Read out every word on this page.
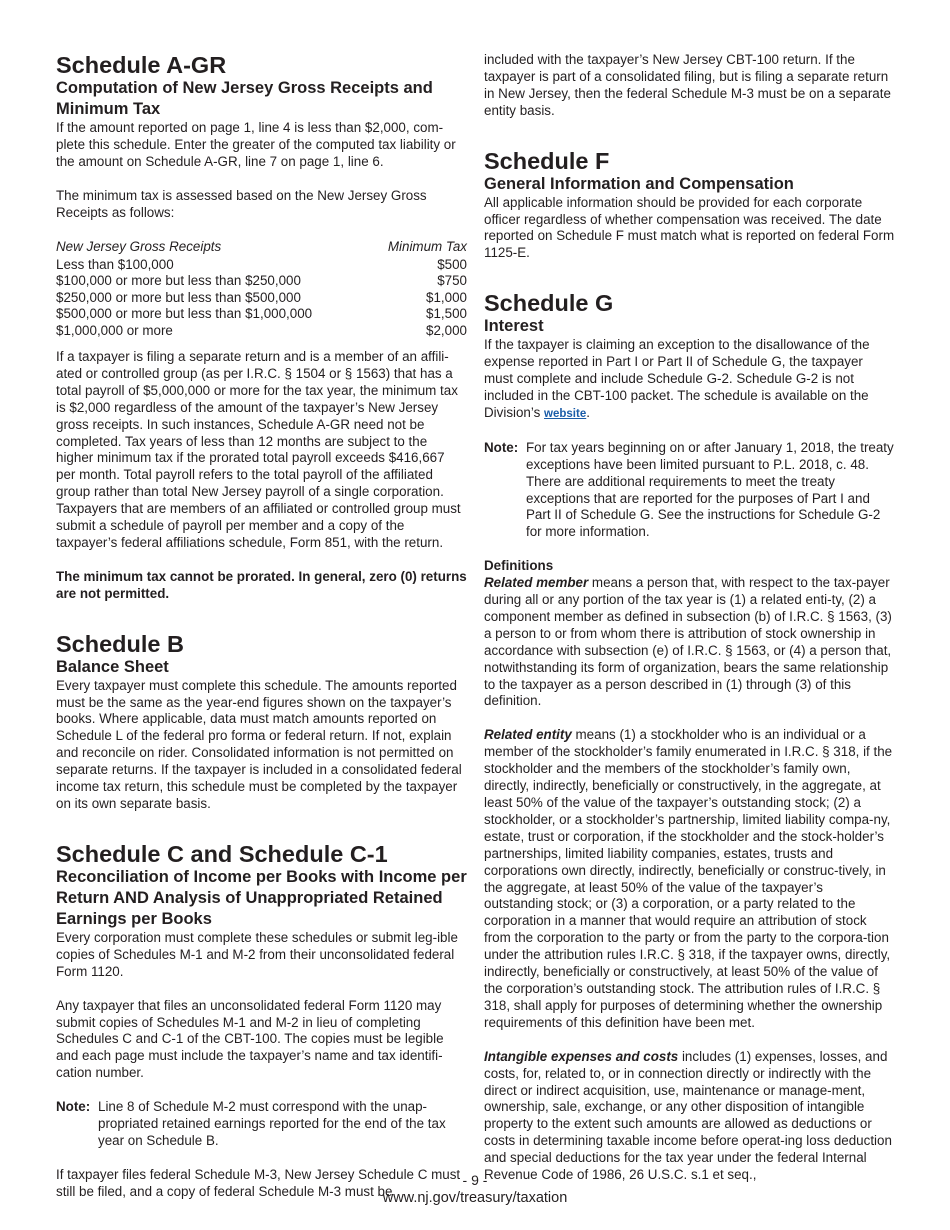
Schedule A-GR
Computation of New Jersey Gross Receipts and Minimum Tax

If the amount reported on page 1, line 4 is less than $2,000, com-plete this schedule. Enter the greater of the computed tax liability or the amount on Schedule A-GR, line 7 on page 1, line 6.

The minimum tax is assessed based on the New Jersey Gross Receipts as follows:

New Jersey Gross Receipts	Minimum Tax
Less than $100,000	$500
$100,000 or more but less than $250,000	$750
$250,000 or more but less than $500,000	$1,000
$500,000 or more but less than $1,000,000	$1,500
$1,000,000 or more	$2,000

If a taxpayer is filing a separate return and is a member of an affili-ated or controlled group (as per I.R.C. § 1504 or § 1563) that has a total payroll of $5,000,000 or more for the tax year, the minimum tax is $2,000 regardless of the amount of the taxpayer’s New Jersey gross receipts. In such instances, Schedule A-GR need not be completed. Tax years of less than 12 months are subject to the higher minimum tax if the prorated total payroll exceeds $416,667 per month. Total payroll refers to the total payroll of the affiliated group rather than total New Jersey payroll of a single corporation. Taxpayers that are members of an affiliated or controlled group must submit a schedule of payroll per member and a copy of the taxpayer’s federal affiliations schedule, Form 851, with the return.

The minimum tax cannot be prorated. In general, zero (0) returns are not permitted.

Schedule B
Balance Sheet

Every taxpayer must complete this schedule. The amounts reported must be the same as the year-end figures shown on the taxpayer’s books. Where applicable, data must match amounts reported on Schedule L of the federal pro forma or federal return. If not, explain and reconcile on rider. Consolidated information is not permitted on separate returns. If the taxpayer is included in a consolidated federal income tax return, this schedule must be completed by the taxpayer on its own separate basis.

Schedule C and Schedule C-1
Reconciliation of Income per Books with Income per Return AND Analysis of Unappropriated Retained Earnings per Books

Every corporation must complete these schedules or submit leg-ible copies of Schedules M-1 and M-2 from their unconsolidated federal Form 1120.

Any taxpayer that files an unconsolidated federal Form 1120 may submit copies of Schedules M-1 and M-2 in lieu of completing Schedules C and C-1 of the CBT-100. The copies must be legible and each page must include the taxpayer’s name and tax identifi-cation number.

Note: Line 8 of Schedule M-2 must correspond with the unap-propriated retained earnings reported for the end of the tax year on Schedule B.

If taxpayer files federal Schedule M-3, New Jersey Schedule C must still be filed, and a copy of federal Schedule M-3 must be

included with the taxpayer’s New Jersey CBT-100 return. If the taxpayer is part of a consolidated filing, but is filing a separate return in New Jersey, then the federal Schedule M-3 must be on a separate entity basis.

Schedule F
General Information and Compensation

All applicable information should be provided for each corporate officer regardless of whether compensation was received. The date reported on Schedule F must match what is reported on federal Form 1125-E.

Schedule G
Interest

If the taxpayer is claiming an exception to the disallowance of the expense reported in Part I or Part II of Schedule G, the taxpayer must complete and include Schedule G-2. Schedule G-2 is not included in the CBT-100 packet. The schedule is available on the Division’s website.

Note: For tax years beginning on or after January 1, 2018, the treaty exceptions have been limited pursuant to P.L. 2018, c. 48. There are additional requirements to meet the treaty exceptions that are reported for the purposes of Part I and Part II of Schedule G. See the instructions for Schedule G-2 for more information.

Definitions

Related member means a person that, with respect to the tax-payer during all or any portion of the tax year is (1) a related enti-ty, (2) a component member as defined in subsection (b) of I.R.C. § 1563, (3) a person to or from whom there is attribution of stock ownership in accordance with subsection (e) of I.R.C. § 1563, or (4) a person that, notwithstanding its form of organization, bears the same relationship to the taxpayer as a person described in (1) through (3) of this definition.

Related entity means (1) a stockholder who is an individual or a member of the stockholder’s family enumerated in I.R.C. § 318, if the stockholder and the members of the stockholder’s family own, directly, indirectly, beneficially or constructively, in the aggregate, at least 50% of the value of the taxpayer’s outstanding stock; (2) a stockholder, or a stockholder’s partnership, limited liability compa-ny, estate, trust or corporation, if the stockholder and the stock-holder’s partnerships, limited liability companies, estates, trusts and corporations own directly, indirectly, beneficially or construc-tively, in the aggregate, at least 50% of the value of the taxpayer’s outstanding stock; or (3) a corporation, or a party related to the corporation in a manner that would require an attribution of stock from the corporation to the party or from the party to the corpora-tion under the attribution rules I.R.C. § 318, if the taxpayer owns, directly, indirectly, beneficially or constructively, at least 50% of the value of the corporation’s outstanding stock. The attribution rules of I.R.C. § 318, shall apply for purposes of determining whether the ownership requirements of this definition have been met.

Intangible expenses and costs includes (1) expenses, losses, and costs, for, related to, or in connection directly or indirectly with the direct or indirect acquisition, use, maintenance or manage-ment, ownership, sale, exchange, or any other disposition of intangible property to the extent such amounts are allowed as deductions or costs in determining taxable income before operat-ing loss deduction and special deductions for the tax year under the federal Internal Revenue Code of 1986, 26 U.S.C. s.1 et seq.,

- 9 -
www.nj.gov/treasury/taxation
